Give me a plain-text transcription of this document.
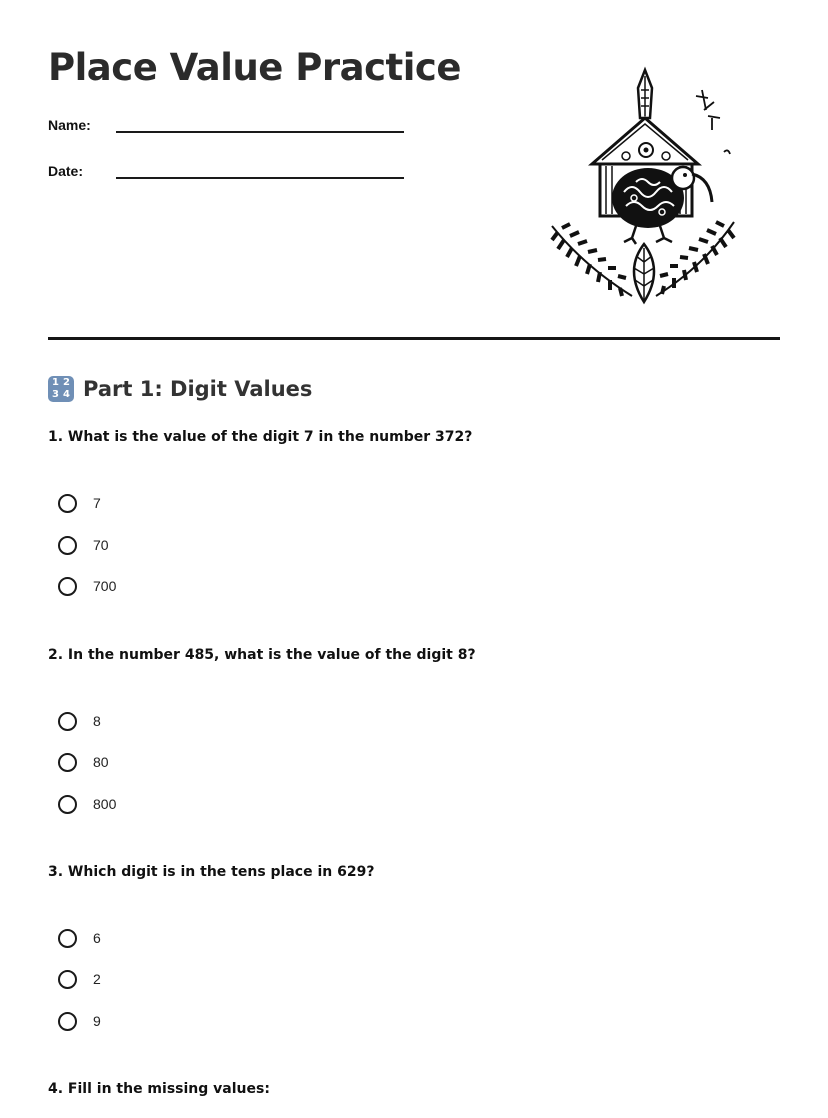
Place Value Practice
Name:
Date:
1 2
3 4 Part 1: Digit Values

1. What is the value of the digit 7 in the number 372?

7
70
700

2. In the number 485, what is the value of the digit 8?

8
80
800

3. Which digit is in the tens place in 629?

6
2
9

4. Fill in the missing values:
